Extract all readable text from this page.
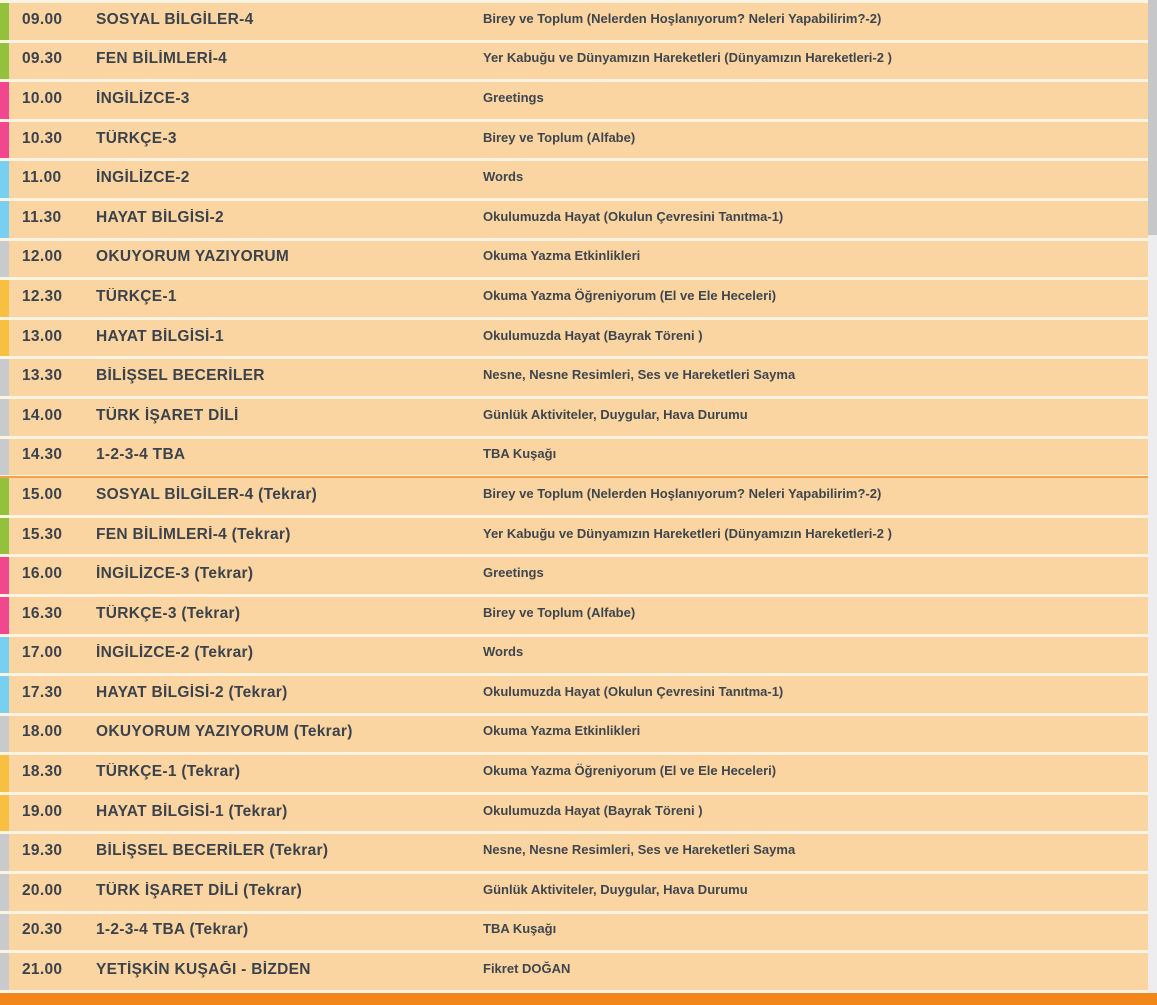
09.00	SOSYAL BİLGİLER-4	Birey ve Toplum (Nelerden Hoşlanıyorum? Neleri Yapabilirim?-2)
09.30	FEN BİLİMLERİ-4	Yer Kabuğu ve Dünyamızın Hareketleri (Dünyamızın Hareketleri-2 )
10.00	İNGİLİZCE-3	Greetings
10.30	TÜRKÇE-3	Birey ve Toplum (Alfabe)
11.00	İNGİLİZCE-2	Words
11.30	HAYAT BİLGİSİ-2	Okulumuzda Hayat (Okulun Çevresini Tanıtma-1)
12.00	OKUYORUM YAZIYORUM	Okuma Yazma Etkinlikleri
12.30	TÜRKÇE-1	Okuma Yazma Öğreniyorum (El ve Ele Heceleri)
13.00	HAYAT BİLGİSİ-1	Okulumuzda Hayat (Bayrak Töreni )
13.30	BİLİŞSEL BECERİLER	Nesne, Nesne Resimleri, Ses ve Hareketleri Sayma
14.00	TÜRK İŞARET DİLİ	Günlük Aktiviteler, Duygular, Hava Durumu
14.30	1-2-3-4 TBA	TBA Kuşağı
15.00	SOSYAL BİLGİLER-4 (Tekrar)	Birey ve Toplum (Nelerden Hoşlanıyorum? Neleri Yapabilirim?-2)
15.30	FEN BİLİMLERİ-4 (Tekrar)	Yer Kabuğu ve Dünyamızın Hareketleri (Dünyamızın Hareketleri-2 )
16.00	İNGİLİZCE-3 (Tekrar)	Greetings
16.30	TÜRKÇE-3 (Tekrar)	Birey ve Toplum (Alfabe)
17.00	İNGİLİZCE-2 (Tekrar)	Words
17.30	HAYAT BİLGİSİ-2 (Tekrar)	Okulumuzda Hayat (Okulun Çevresini Tanıtma-1)
18.00	OKUYORUM YAZIYORUM (Tekrar)	Okuma Yazma Etkinlikleri
18.30	TÜRKÇE-1 (Tekrar)	Okuma Yazma Öğreniyorum (El ve Ele Heceleri)
19.00	HAYAT BİLGİSİ-1 (Tekrar)	Okulumuzda Hayat (Bayrak Töreni )
19.30	BİLİŞSEL BECERİLER (Tekrar)	Nesne, Nesne Resimleri, Ses ve Hareketleri Sayma
20.00	TÜRK İŞARET DİLİ (Tekrar)	Günlük Aktiviteler, Duygular, Hava Durumu
20.30	1-2-3-4 TBA (Tekrar)	TBA Kuşağı
21.00	YETİŞKİN KUŞAĞI - BİZDEN	Fikret DOĞAN
